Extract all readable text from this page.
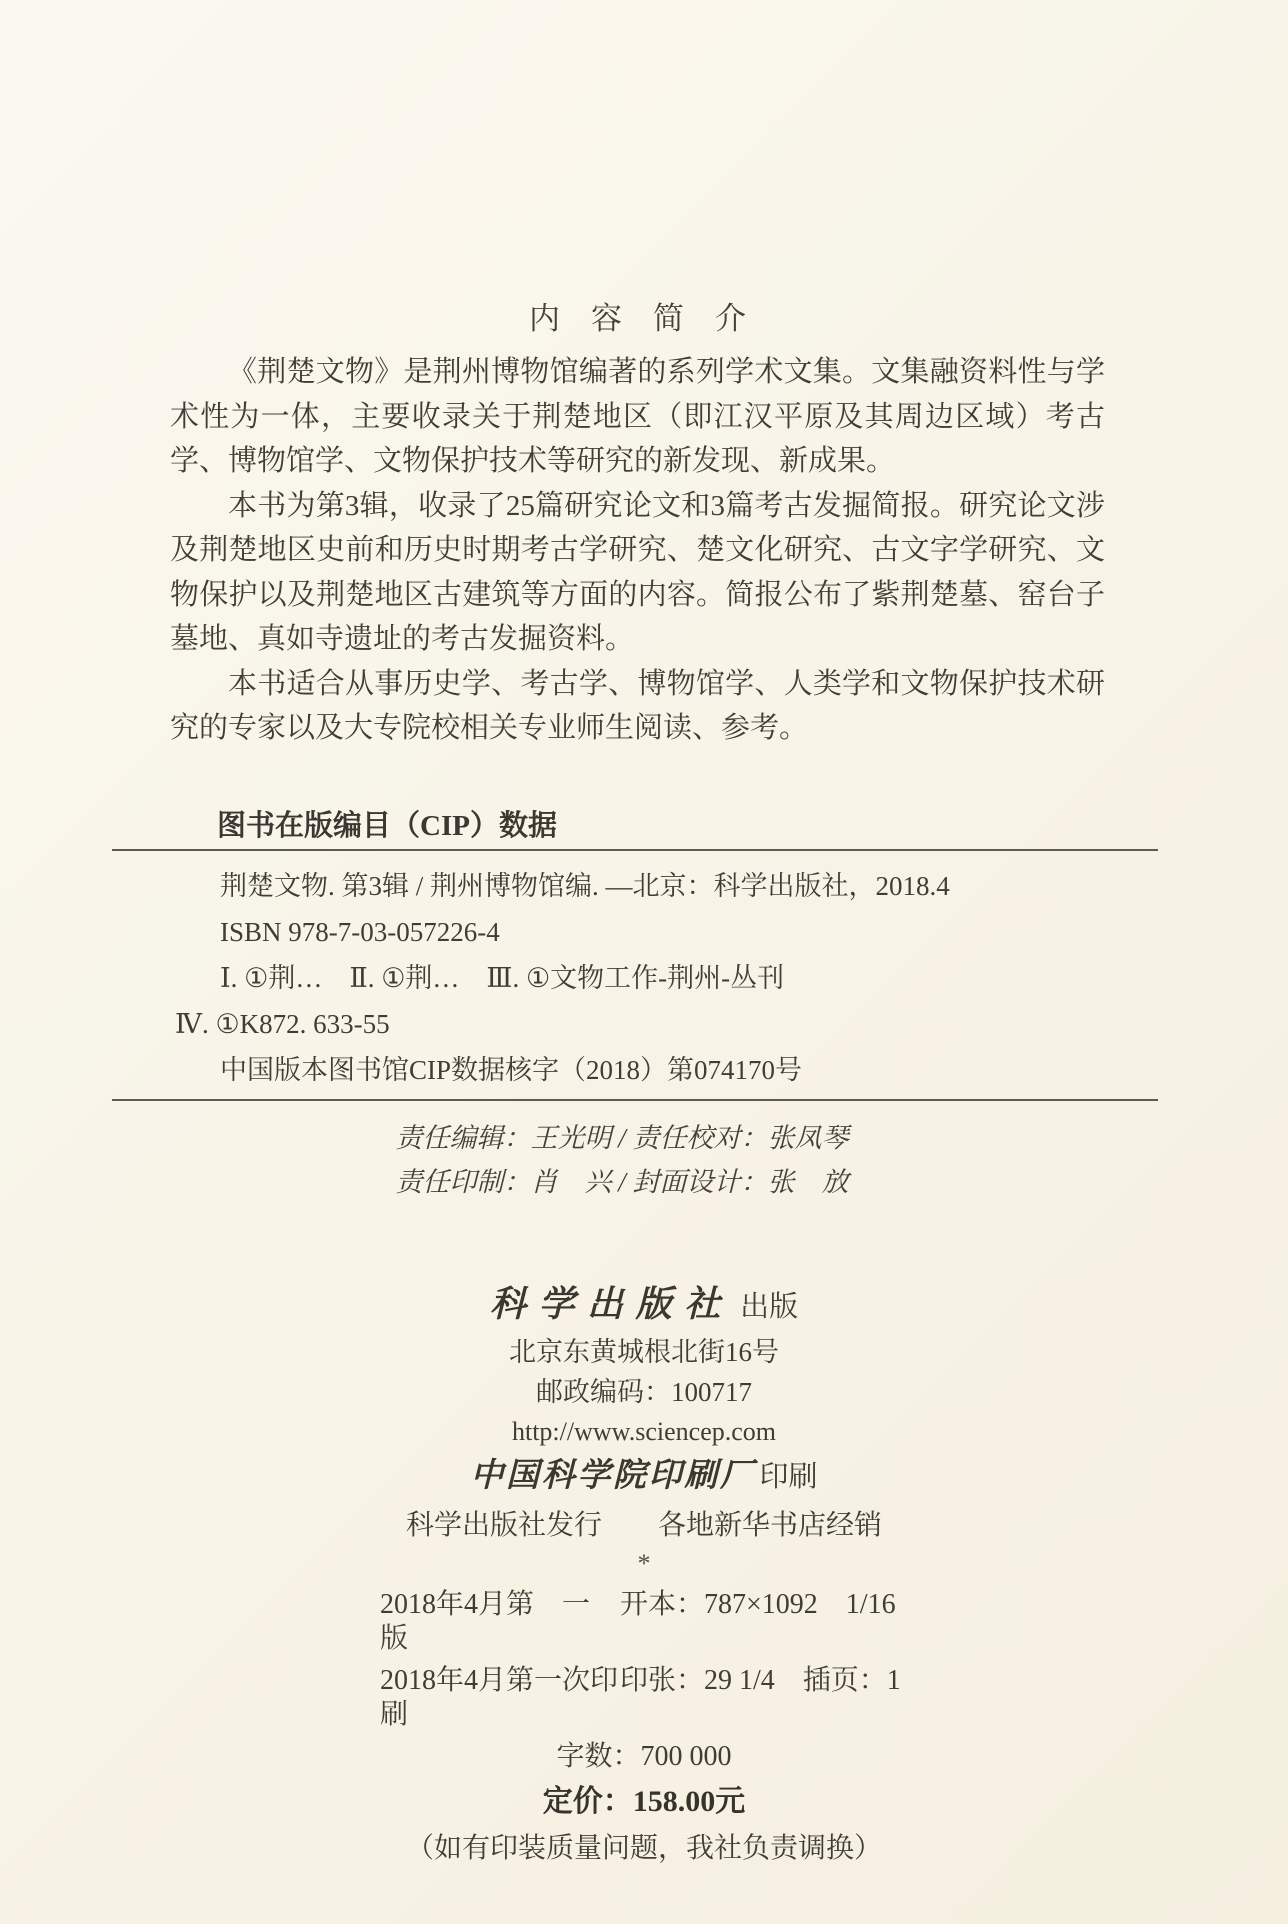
内　容　简　介

《荆楚文物》是荆州博物馆编著的系列学术文集。文集融资料性与学术性为一体，主要收录关于荆楚地区（即江汉平原及其周边区域）考古学、博物馆学、文物保护技术等研究的新发现、新成果。

本书为第3辑，收录了25篇研究论文和3篇考古发掘简报。研究论文涉及荆楚地区史前和历史时期考古学研究、楚文化研究、古文字学研究、文物保护以及荆楚地区古建筑等方面的内容。简报公布了紫荆楚墓、窑台子墓地、真如寺遗址的考古发掘资料。

本书适合从事历史学、考古学、博物馆学、人类学和文物保护技术研究的专家以及大专院校相关专业师生阅读、参考。

图书在版编目（CIP）数据
荆楚文物. 第3辑 / 荆州博物馆编. —北京：科学出版社，2018.4
ISBN 978-7-03-057226-4
Ⅰ. ①荆…　Ⅱ. ①荆…　Ⅲ. ①文物工作-荆州-丛刊
Ⅳ. ①K872. 633-55
中国版本图书馆CIP数据核字（2018）第074170号
责任编辑：王光明 / 责任校对：张凤琴
责任印制：肖　兴 / 封面设计：张　放
科学出版社 出版
北京东黄城根北街16号
邮政编码：100717
http://www.sciencep.com
中国科学院印刷厂 印刷
科学出版社发行　　各地新华书店经销
*
2018年4月第　一　版
开本：787×1092　1/16
2018年4月第一次印刷
印张：29 1/4　插页：1
字数：700 000
定价：158.00元
（如有印装质量问题，我社负责调换）
